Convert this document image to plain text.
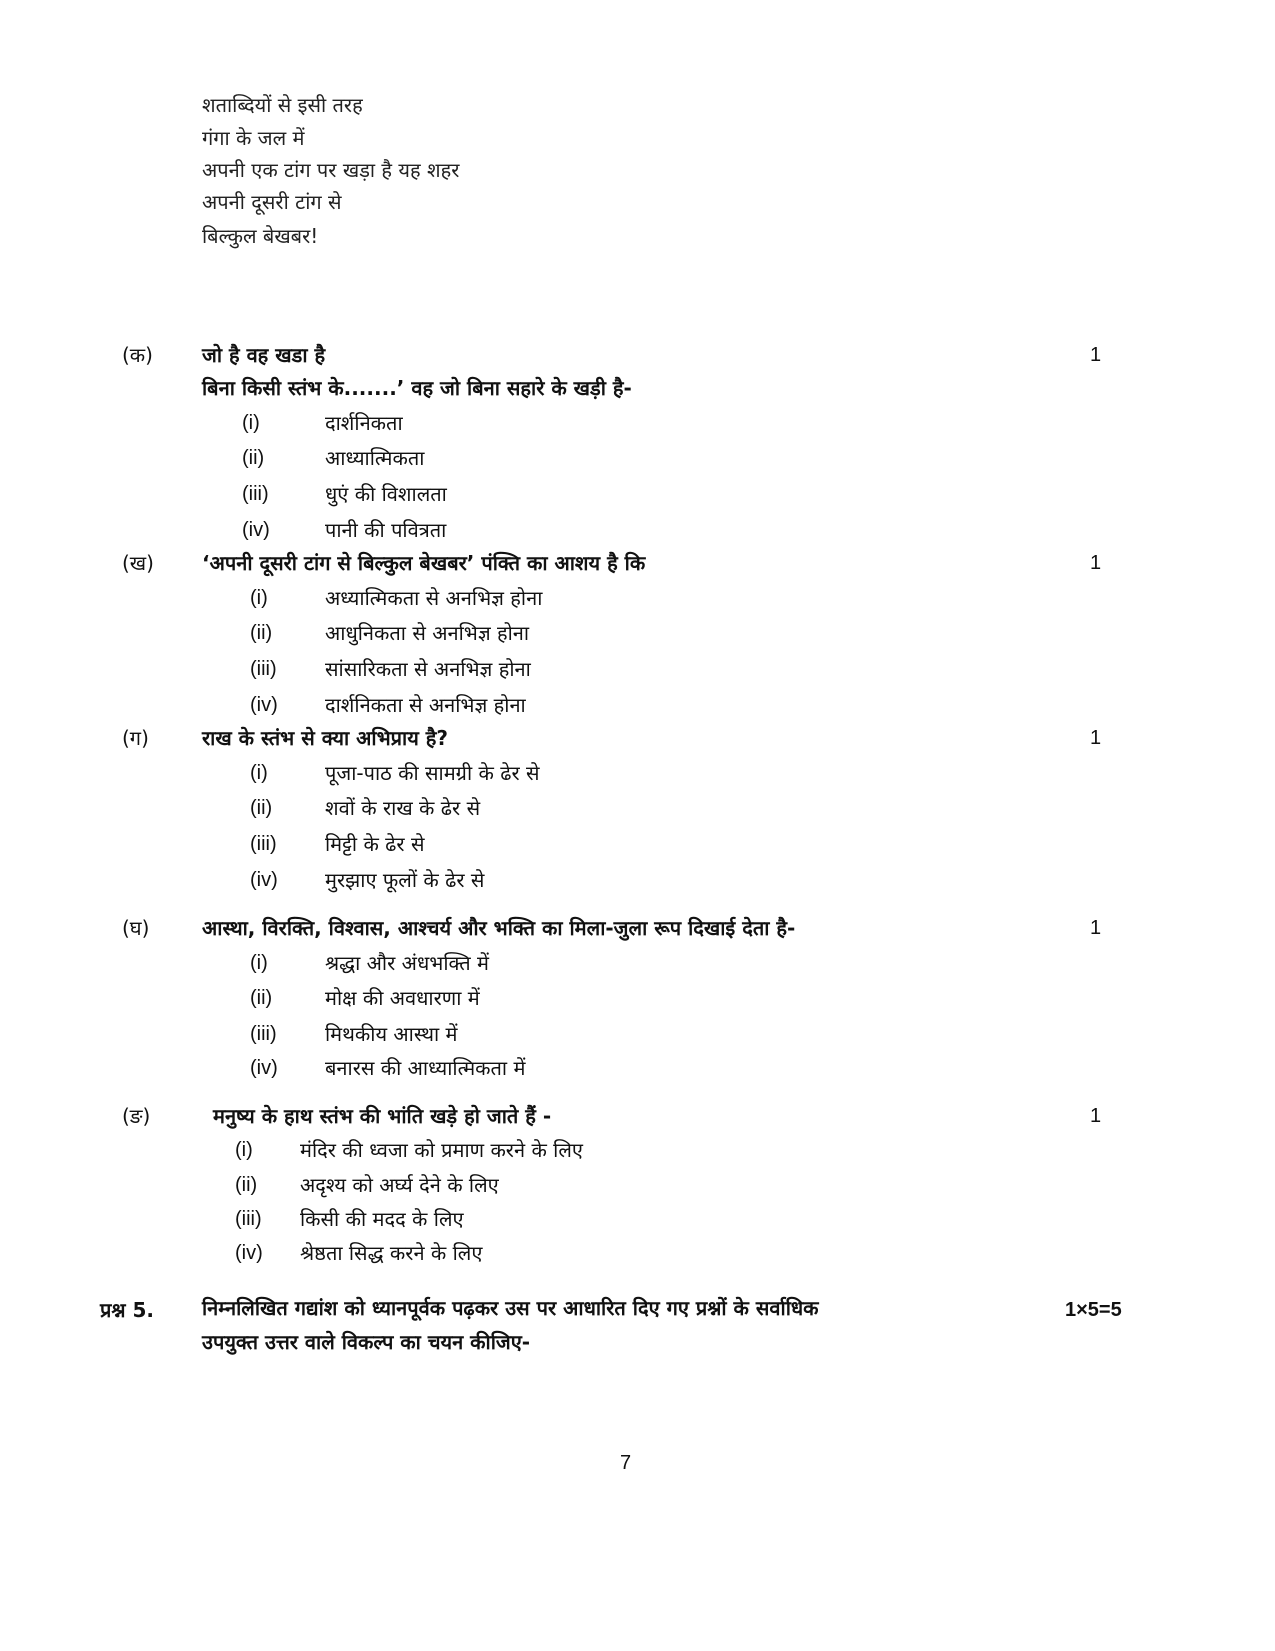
शताब्दियों से इसी तरह
गंगा के जल में
अपनी एक टांग पर खड़ा है यह शहर
अपनी दूसरी टांग से
बिल्कुल बेखबर!
(क) जो है वह खडा है
बिना किसी स्तंभ के.......’ वह जो बिना सहारे के खड़ी है-
1
(i)	दार्शनिकता
(ii)	आध्यात्मिकता
(iii)	धुएं की विशालता
(iv)	पानी की पवित्रता
(ख) ‘अपनी दूसरी टांग से बिल्कुल बेखबर’ पंक्ति का आशय है कि	1
(i)	अध्यात्मिकता से अनभिज्ञ होना
(ii)	आधुनिकता से अनभिज्ञ होना
(iii) सांसारिकता से अनभिज्ञ होना
(iv) दार्शनिकता से अनभिज्ञ होना
(ग)	राख के स्तंभ से क्या अभिप्राय है?	1
(i)	पूजा-पाठ की सामग्री के ढेर से
(ii)	शवों के राख के ढेर से
(iii) मिट्टी के ढेर से
(iv) मुरझाए फूलों के ढेर से
(घ)	आस्था, विरक्ति, विश्वास, आश्चर्य और भक्ति का मिला-जुला रूप दिखाई देता है-	1
(i)	श्रद्धा और अंधभक्ति में
(ii)	मोक्ष की अवधारणा में
(iii) मिथकीय आस्था में
(iv) बनारस की आध्यात्मिकता में
(ङ)	मनुष्य के हाथ स्तंभ की भांति खड़े हो जाते हैं -	1
(i) मंदिर की ध्वजा को प्रमाण करने के लिए
(ii) अदृश्य को अर्घ्य देने के लिए
(iii) किसी की मदद के लिए
(iv) श्रेष्ठता सिद्ध करने के लिए
प्रश्न 5. निम्नलिखित गद्यांश को ध्यानपूर्वक पढ़कर उस पर आधारित दिए गए प्रश्नों के सर्वाधिक
उपयुक्त उत्तर वाले विकल्प का चयन कीजिए-
1×5=5
7
